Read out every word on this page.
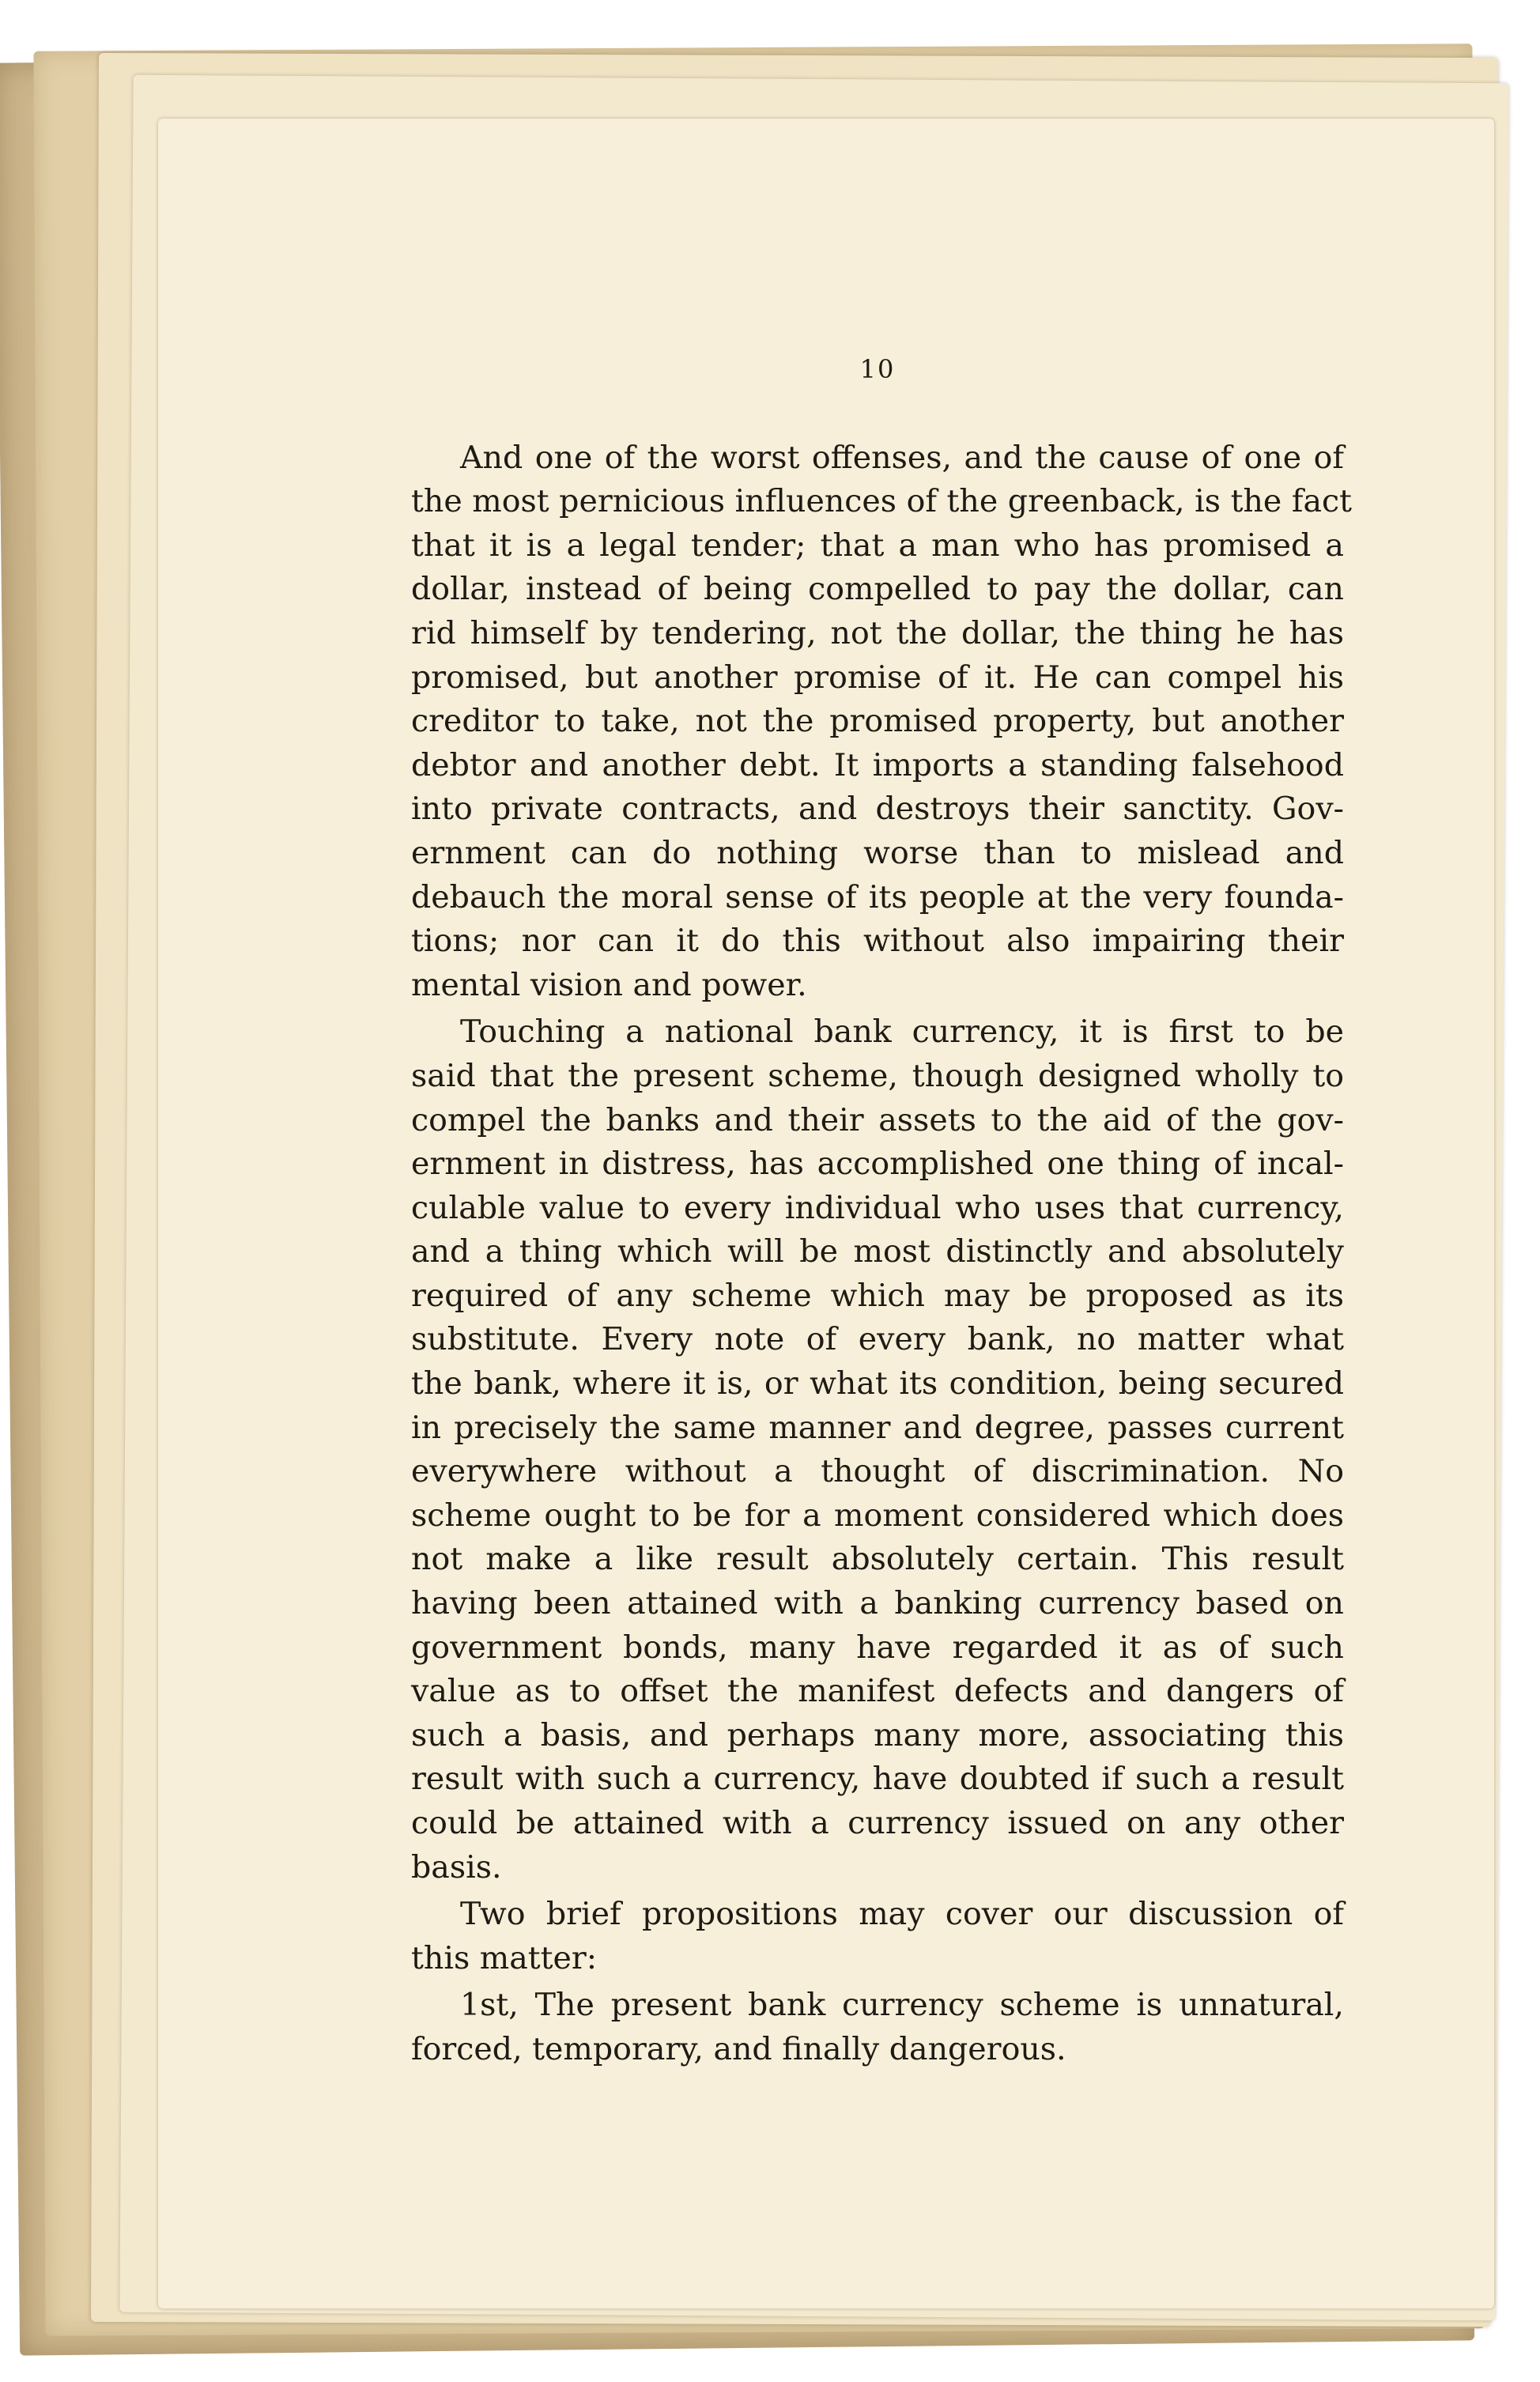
10
And one of the worst offenses, and the cause of one of
the most pernicious influences of the greenback, is the fact
that it is a legal tender; that a man who has promised a
dollar, instead of being compelled to pay the dollar, can
rid himself by tendering, not the dollar, the thing he has
promised, but another promise of it. He can compel his
creditor to take, not the promised property, but another
debtor and another debt. It imports a standing falsehood
into private contracts, and destroys their sanctity. Gov-
ernment can do nothing worse than to mislead and
debauch the moral sense of its people at the very founda-
tions; nor can it do this without also impairing their
mental vision and power.
Touching a national bank currency, it is first to be
said that the present scheme, though designed wholly to
compel the banks and their assets to the aid of the gov-
ernment in distress, has accomplished one thing of incal-
culable value to every individual who uses that currency,
and a thing which will be most distinctly and absolutely
required of any scheme which may be proposed as its
substitute. Every note of every bank, no matter what
the bank, where it is, or what its condition, being secured
in precisely the same manner and degree, passes current
everywhere without a thought of discrimination. No
scheme ought to be for a moment considered which does
not make a like result absolutely certain. This result
having been attained with a banking currency based on
government bonds, many have regarded it as of such
value as to offset the manifest defects and dangers of
such a basis, and perhaps many more, associating this
result with such a currency, have doubted if such a result
could be attained with a currency issued on any other
basis.
Two brief propositions may cover our discussion of
this matter:
1st, The present bank currency scheme is unnatural,
forced, temporary, and finally dangerous.
